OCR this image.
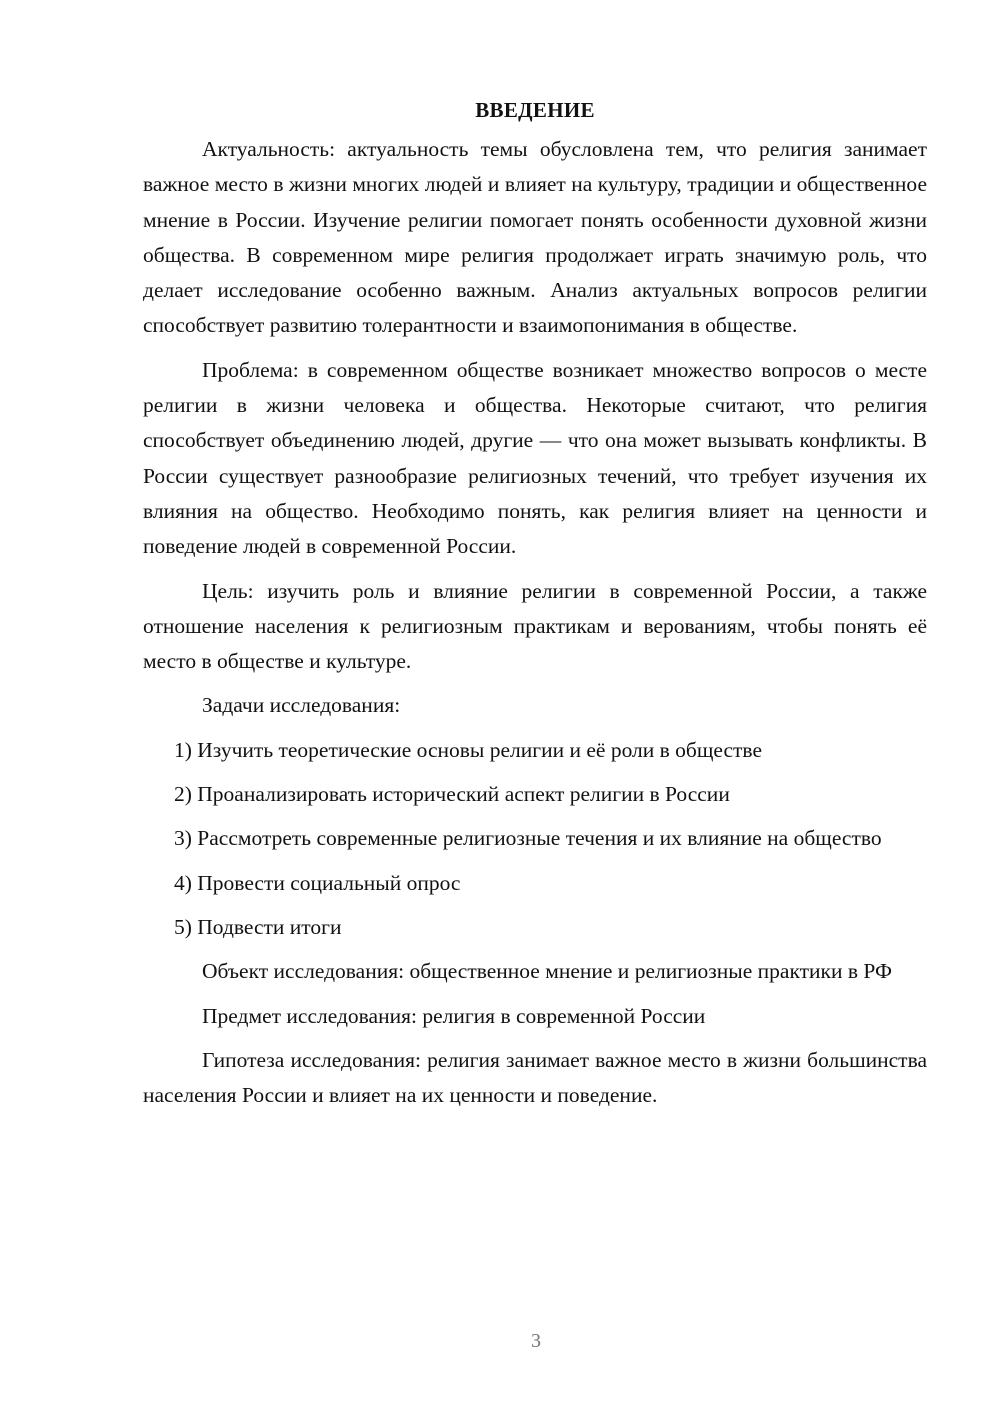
ВВЕДЕНИЕ

Актуальность: актуальность темы обусловлена тем, что религия занимает важное место в жизни многих людей и влияет на культуру, традиции и общественное мнение в России. Изучение религии помогает понять особенности духовной жизни общества. В современном мире религия продолжает играть значимую роль, что делает исследование особенно важным. Анализ актуальных вопросов религии способствует развитию толерантности и взаимопонимания в обществе.

Проблема: в современном обществе возникает множество вопросов о месте религии в жизни человека и общества. Некоторые считают, что религия способствует объединению людей, другие — что она может вызывать конфликты. В России существует разнообразие религиозных течений, что требует изучения их влияния на общество. Необходимо понять, как религия влияет на ценности и поведение людей в современной России.

Цель: изучить роль и влияние религии в современной России, а также отношение населения к религиозным практикам и верованиям, чтобы понять её место в обществе и культуре.

Задачи исследования:

1) Изучить теоретические основы религии и её роли в обществе

2) Проанализировать исторический аспект религии в России

3) Рассмотреть современные религиозные течения и их влияние на общество

4) Провести социальный опрос

5) Подвести итоги

Объект исследования: общественное мнение и религиозные практики в РФ

Предмет исследования: религия в современной России

Гипотеза исследования: религия занимает важное место в жизни большинства населения России и влияет на их ценности и поведение.

3
